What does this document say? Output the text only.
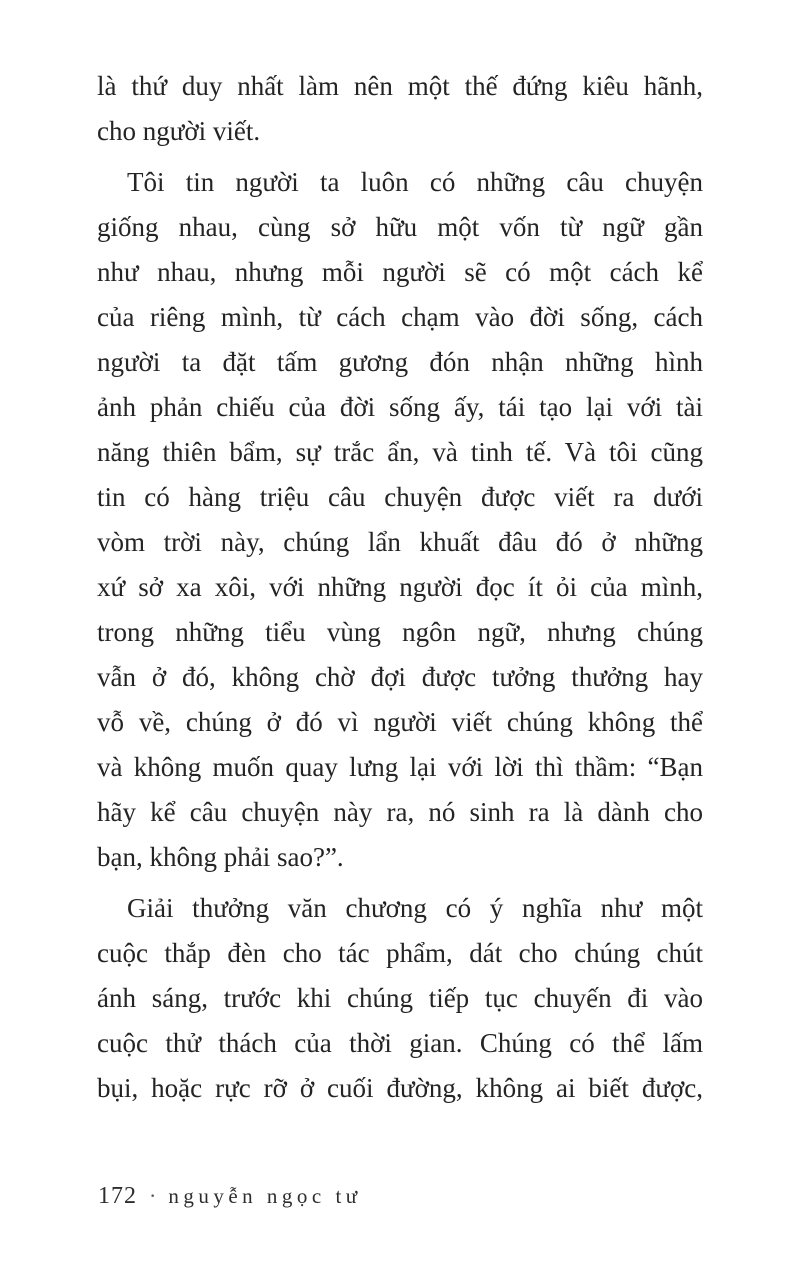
là thứ duy nhất làm nên một thế đứng kiêu hãnh,
cho người viết.
Tôi tin người ta luôn có những câu chuyện
giống nhau, cùng sở hữu một vốn từ ngữ gần
như nhau, nhưng mỗi người sẽ có một cách kể
của riêng mình, từ cách chạm vào đời sống, cách
người ta đặt tấm gương đón nhận những hình
ảnh phản chiếu của đời sống ấy, tái tạo lại với tài
năng thiên bẩm, sự trắc ẩn, và tinh tế. Và tôi cũng
tin có hàng triệu câu chuyện được viết ra dưới
vòm trời này, chúng lẩn khuất đâu đó ở những
xứ sở xa xôi, với những người đọc ít ỏi của mình,
trong những tiểu vùng ngôn ngữ, nhưng chúng
vẫn ở đó, không chờ đợi được tưởng thưởng hay
vỗ về, chúng ở đó vì người viết chúng không thể
và không muốn quay lưng lại với lời thì thầm: “Bạn
hãy kể câu chuyện này ra, nó sinh ra là dành cho
bạn, không phải sao?”.
Giải thưởng văn chương có ý nghĩa như một
cuộc thắp đèn cho tác phẩm, dát cho chúng chút
ánh sáng, trước khi chúng tiếp tục chuyến đi vào
cuộc thử thách của thời gian. Chúng có thể lấm
bụi, hoặc rực rỡ ở cuối đường, không ai biết được,
172 · nguyễn ngọc tư
